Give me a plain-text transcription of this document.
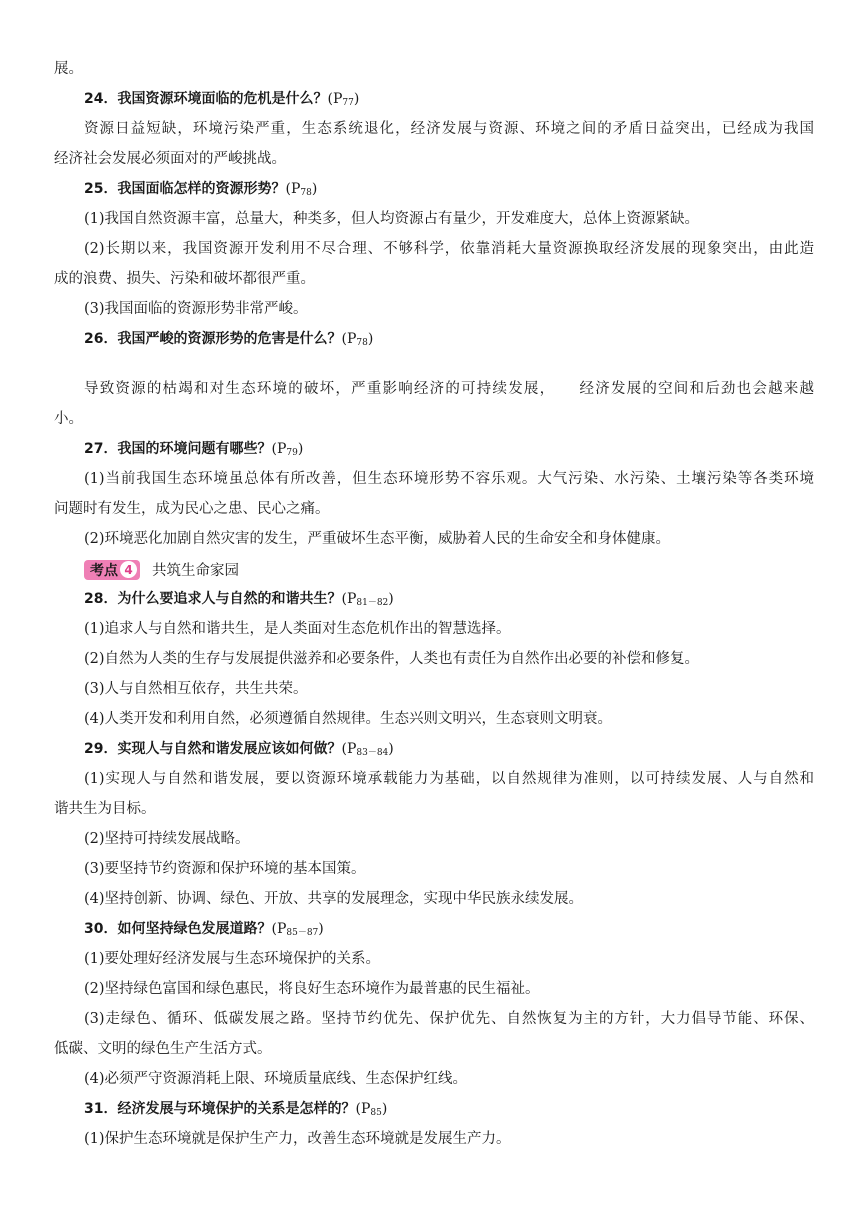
展。
24．我国资源环境面临的危机是什么？$(P_{77})$
资源日益短缺，环境污染严重，生态系统退化，经济发展与资源、环境之间的矛盾日益突出，已经成为我国
经济社会发展必须面对的严峻挑战。
25．我国面临怎样的资源形势？$(P_{78})$
(1)我国自然资源丰富，总量大，种类多，但人均资源占有量少，开发难度大，总体上资源紧缺。
(2)长期以来，我国资源开发利用不尽合理、不够科学，依靠消耗大量资源换取经济发展的现象突出，由此造
成的浪费、损失、污染和破坏都很严重。
(3)我国面临的资源形势非常严峻。
26．我国严峻的资源形势的危害是什么？$(P_{78})$
导致资源的枯竭和对生态环境的破坏，严重影响经济的可持续发展，　　经济发展的空间和后劲也会越来越
小。
27．我国的环境问题有哪些？$(P_{79})$
(1)当前我国生态环境虽总体有所改善，但生态环境形势不容乐观。大气污染、水污染、土壤污染等各类环境
问题时有发生，成为民心之患、民心之痛。
(2)环境恶化加剧自然灾害的发生，严重破坏生态平衡，威胁着人民的生命安全和身体健康。
考点 4 共筑生命家园
28．为什么要追求人与自然的和谐共生？$(P_{81-82})$
(1)追求人与自然和谐共生，是人类面对生态危机作出的智慧选择。
(2)自然为人类的生存与发展提供滋养和必要条件，人类也有责任为自然作出必要的补偿和修复。
(3)人与自然相互依存，共生共荣。
(4)人类开发和利用自然，必须遵循自然规律。生态兴则文明兴，生态衰则文明衰。
29．实现人与自然和谐发展应该如何做？$(P_{83-84})$
(1)实现人与自然和谐发展，要以资源环境承载能力为基础，以自然规律为准则，以可持续发展、人与自然和
谐共生为目标。
(2)坚持可持续发展战略。
(3)要坚持节约资源和保护环境的基本国策。
(4)坚持创新、协调、绿色、开放、共享的发展理念，实现中华民族永续发展。
30．如何坚持绿色发展道路？$(P_{85-87})$
(1)要处理好经济发展与生态环境保护的关系。
(2)坚持绿色富国和绿色惠民，将良好生态环境作为最普惠的民生福祉。
(3)走绿色、循环、低碳发展之路。坚持节约优先、保护优先、自然恢复为主的方针，大力倡导节能、环保、
低碳、文明的绿色生产生活方式。
(4)必须严守资源消耗上限、环境质量底线、生态保护红线。
31．经济发展与环境保护的关系是怎样的？$(P_{85})$
(1)保护生态环境就是保护生产力，改善生态环境就是发展生产力。
